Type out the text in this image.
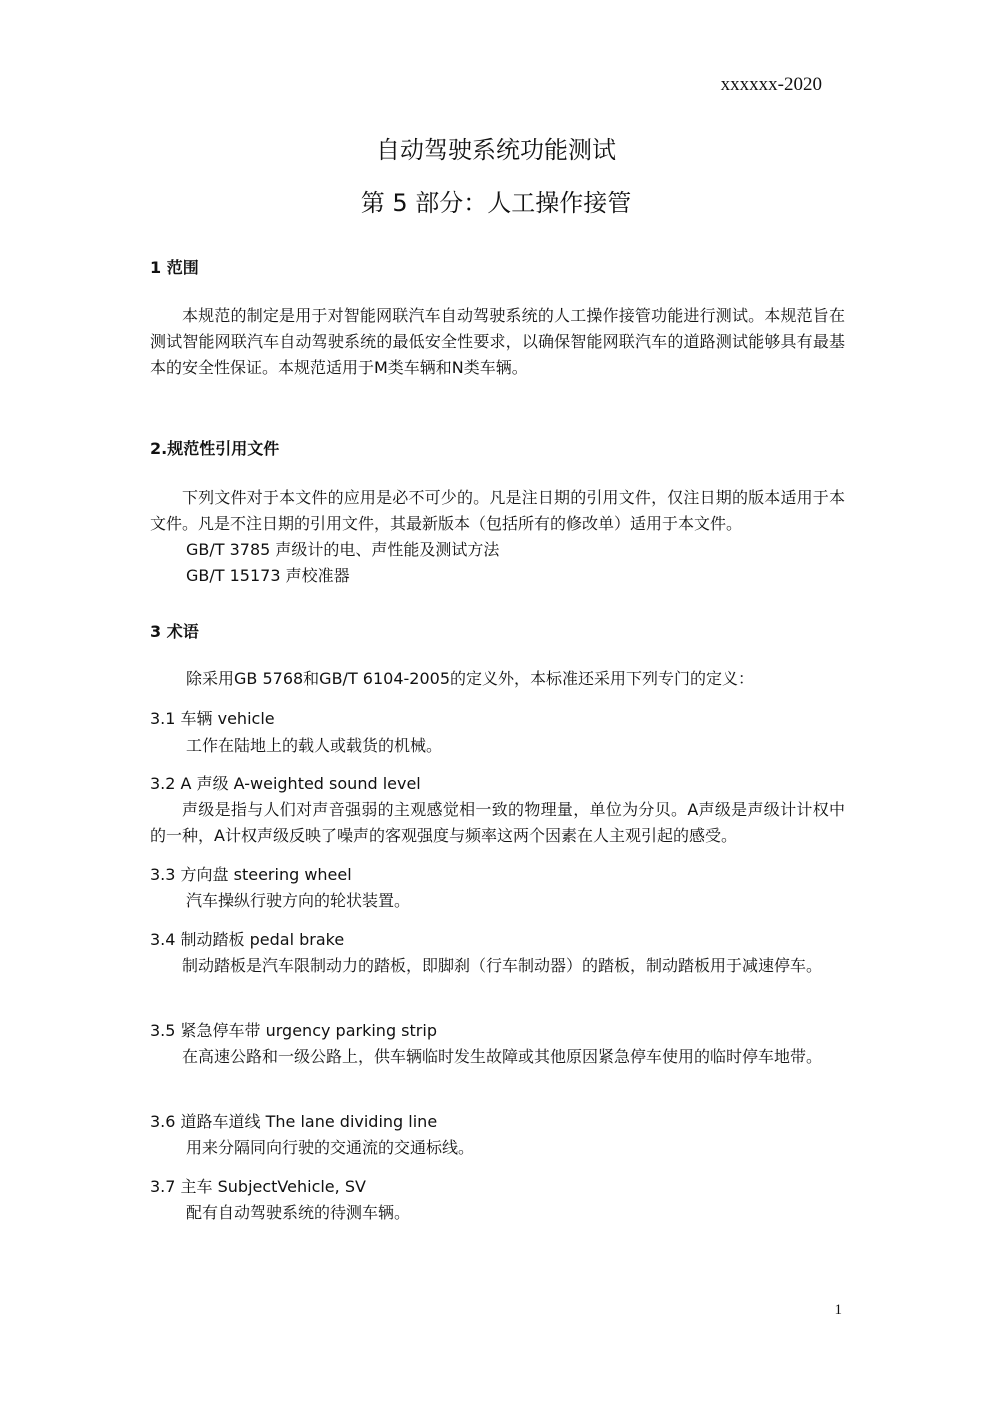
xxxxxx-2020
自动驾驶系统功能测试
第 5 部分：人工操作接管
1 范围
本规范的制定是用于对智能网联汽车自动驾驶系统的人工操作接管功能进行测试。本规范旨在测试智能网联汽车自动驾驶系统的最低安全性要求，以确保智能网联汽车的道路测试能够具有最基本的安全性保证。本规范适用于M类车辆和N类车辆。
2.规范性引用文件
下列文件对于本文件的应用是必不可少的。凡是注日期的引用文件，仅注日期的版本适用于本文件。凡是不注日期的引用文件，其最新版本（包括所有的修改单）适用于本文件。
GB/T 3785 声级计的电、声性能及测试方法
GB/T 15173 声校准器
3 术语
除采用GB 5768和GB/T 6104-2005的定义外，本标准还采用下列专门的定义：
3.1 车辆 vehicle
工作在陆地上的载人或载货的机械。
3.2 A 声级 A-weighted sound level
声级是指与人们对声音强弱的主观感觉相一致的物理量，单位为分贝。A声级是声级计计权中的一种，A计权声级反映了噪声的客观强度与频率这两个因素在人主观引起的感受。
3.3 方向盘 steering wheel
汽车操纵行驶方向的轮状装置。
3.4 制动踏板 pedal brake
制动踏板是汽车限制动力的踏板，即脚刹（行车制动器）的踏板，制动踏板用于减速停车。
3.5 紧急停车带 urgency parking strip
在高速公路和一级公路上，供车辆临时发生故障或其他原因紧急停车使用的临时停车地带。
3.6 道路车道线 The lane dividing line
用来分隔同向行驶的交通流的交通标线。
3.7 主车 SubjectVehicle, SV
配有自动驾驶系统的待测车辆。
1
